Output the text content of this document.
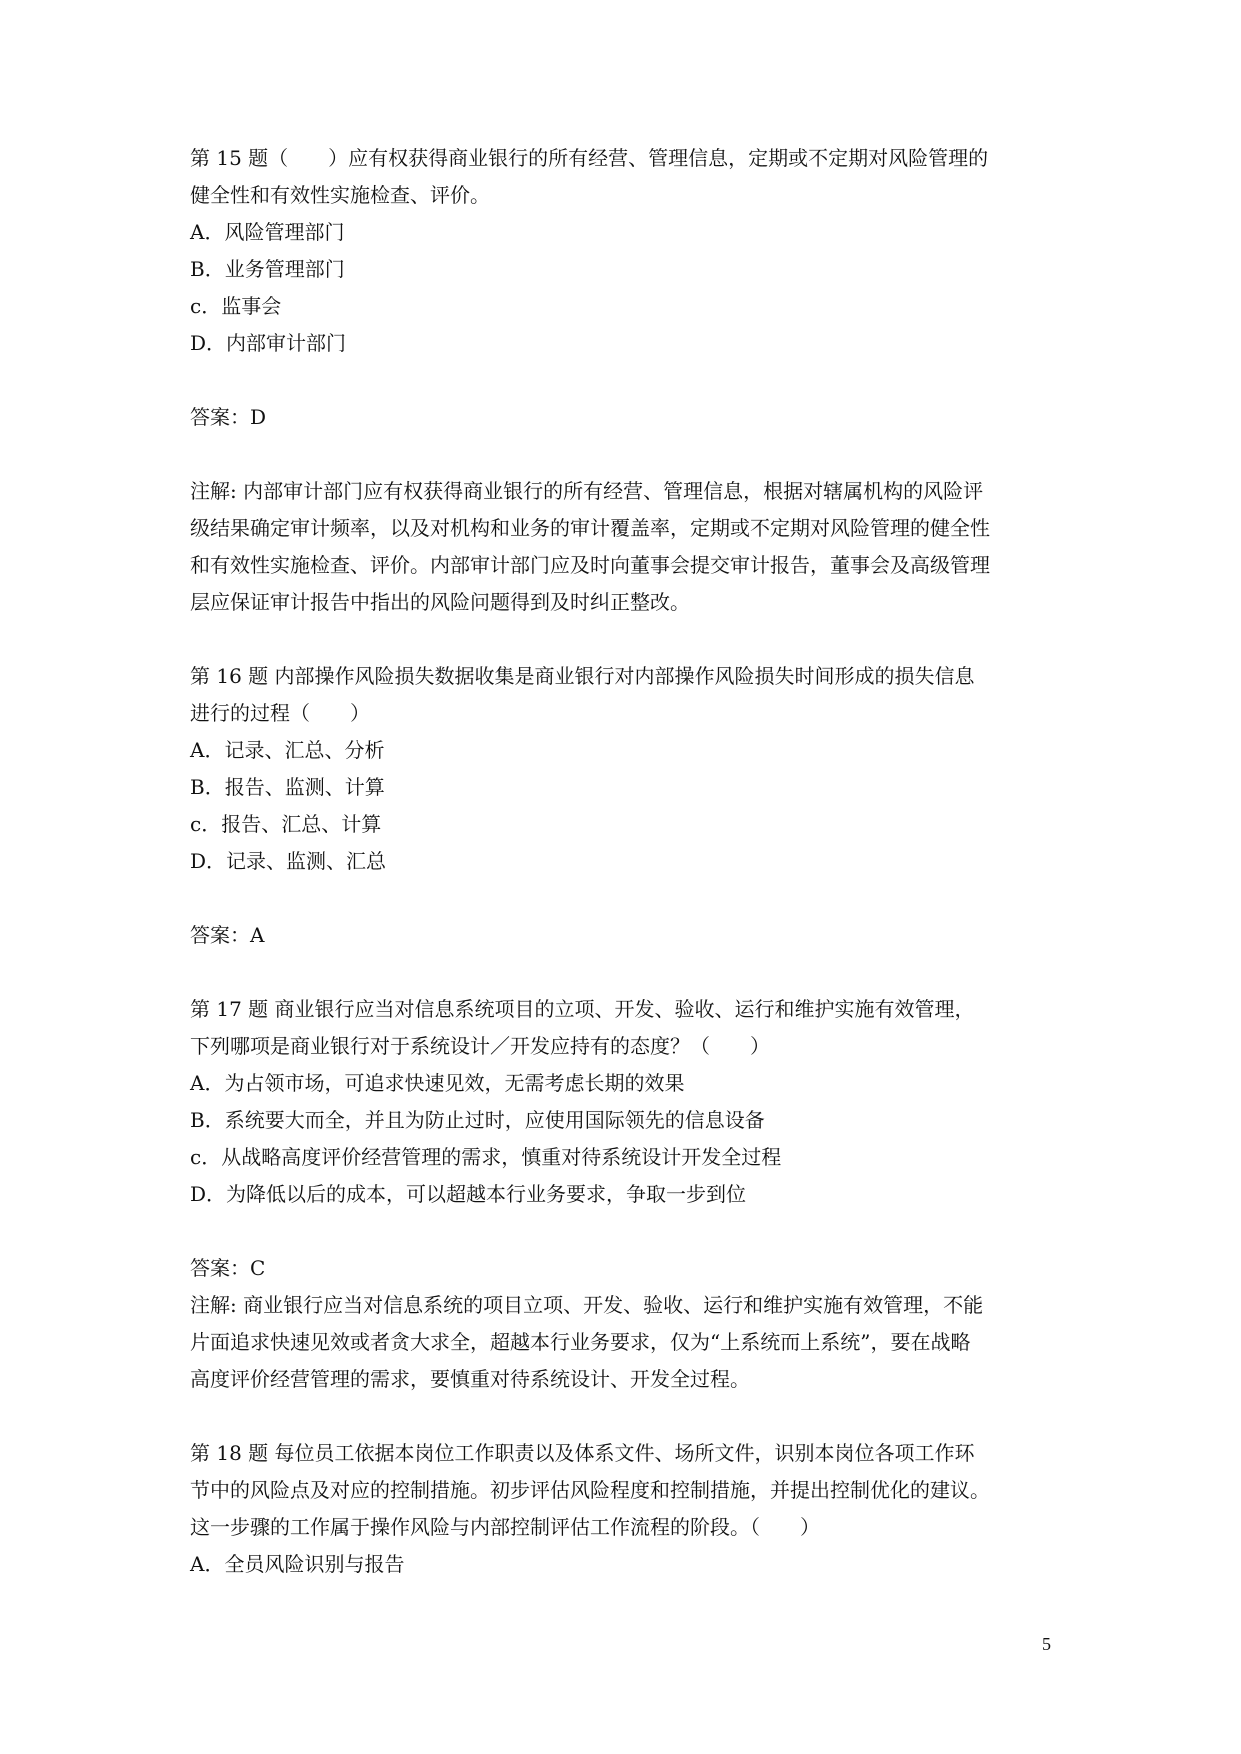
第 15 题（　　）应有权获得商业银行的所有经营、管理信息，定期或不定期对风险管理的
健全性和有效性实施检查、评价。
A．风险管理部门
B．业务管理部门
c．监事会
D．内部审计部门
答案：D
注解: 内部审计部门应有权获得商业银行的所有经营、管理信息，根据对辖属机构的风险评
级结果确定审计频率，以及对机构和业务的审计覆盖率，定期或不定期对风险管理的健全性
和有效性实施检查、评价。内部审计部门应及时向董事会提交审计报告，董事会及高级管理
层应保证审计报告中指出的风险问题得到及时纠正整改。
第 16 题 内部操作风险损失数据收集是商业银行对内部操作风险损失时间形成的损失信息
进行的过程（　　）
A．记录、汇总、分析
B．报告、监测、计算
c．报告、汇总、计算
D．记录、监测、汇总
答案：A
第 17 题 商业银行应当对信息系统项目的立项、开发、验收、运行和维护实施有效管理，
下列哪项是商业银行对于系统设计／开发应持有的态度？（　　）
A．为占领市场，可追求快速见效，无需考虑长期的效果
B．系统要大而全，并且为防止过时，应使用国际领先的信息设备
c．从战略高度评价经营管理的需求，慎重对待系统设计开发全过程
D．为降低以后的成本，可以超越本行业务要求，争取一步到位
答案：C
注解: 商业银行应当对信息系统的项目立项、开发、验收、运行和维护实施有效管理，不能
片面追求快速见效或者贪大求全，超越本行业务要求，仅为“上系统而上系统”，要在战略
高度评价经营管理的需求，要慎重对待系统设计、开发全过程。
第 18 题 每位员工依据本岗位工作职责以及体系文件、场所文件，识别本岗位各项工作环
节中的风险点及对应的控制措施。初步评估风险程度和控制措施，并提出控制优化的建议。
这一步骤的工作属于操作风险与内部控制评估工作流程的阶段。（　　）
A．全员风险识别与报告
5
